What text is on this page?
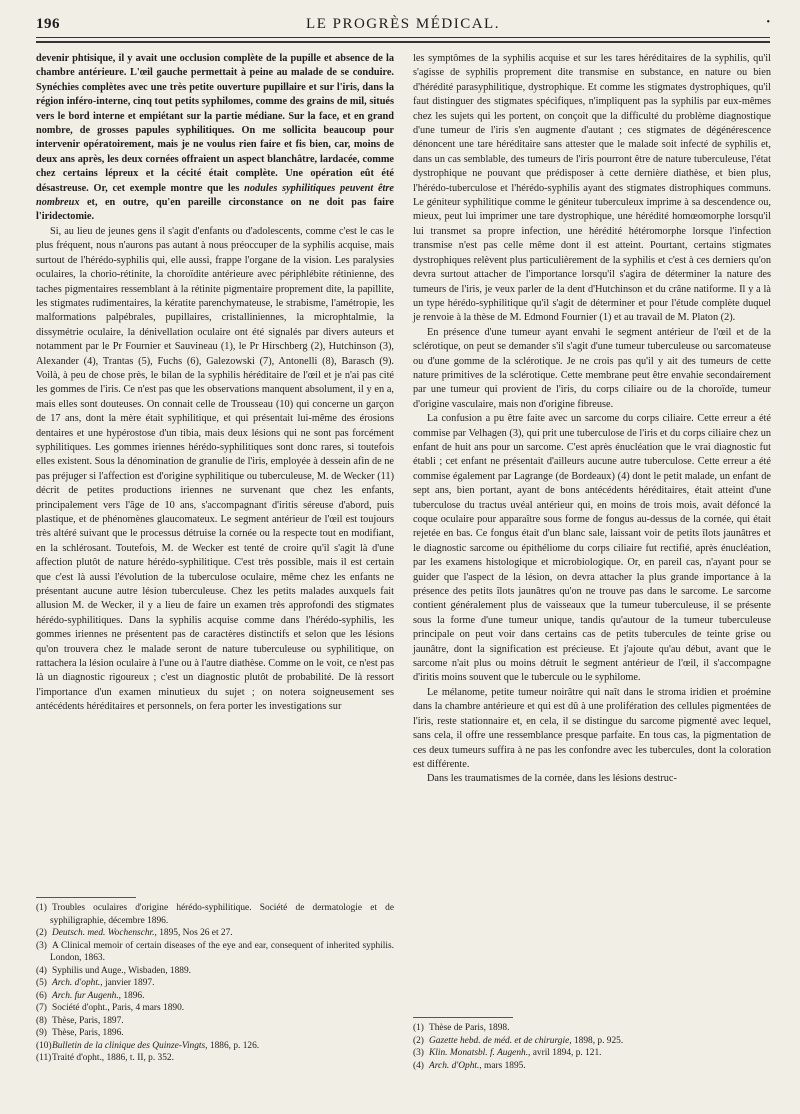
196	LE PROGRÈS MÉDICAL.	•

devenir phtisique, il y avait une occlusion complète de la pupille et absence de la chambre antérieure. L'œil gauche permettait à peine au malade de se conduire. Synéchies complètes avec une très petite ouverture pupillaire et sur l'iris, dans la région inféro-interne, cinq tout petits syphilomes, comme des grains de mil, situés vers le bord interne et empiétant sur la partie médiane. Sur la face, et en grand nombre, de grosses papules syphilitiques. On me sollicita beaucoup pour intervenir opératoirement, mais je ne voulus rien faire et fis bien, car, moins de deux ans après, les deux cornées offraient un aspect blanchâtre, lardacée, comme chez certains lépreux et la cécité était complète. Une opération eût été désastreuse. Or, cet exemple montre que les nodules syphilitiques peuvent être nombreux et, en outre, qu'en pareille circonstance on ne doit pas faire l'iridectomie.

Si, au lieu de jeunes gens il s'agit d'enfants ou d'adolescents, comme c'est le cas le plus fréquent, nous n'aurons pas autant à nous préoccuper de la syphilis acquise, mais surtout de l'hérédo-syphilis qui, elle aussi, frappe l'organe de la vision. Les paralysies oculaires, la chorio-rétinite, la choroïdite antérieure avec périphlébite rétinienne, des taches pigmentaires ressemblant à la rétinite pigmentaire proprement dite, la papillite, les stigmates rudimentaires, la kératite parenchymateuse, le strabisme, l'amétropie, les malformations palpébrales, pupillaires, cristalliniennes, la microphtalmie, la dissymétrie oculaire, la dénivellation oculaire ont été signalés par divers auteurs et notamment par le Pr Fournier et Sauvineau (1), le Pr Hirschberg (2), Hutchinson (3), Alexander (4), Trantas (5), Fuchs (6), Galezowski (7), Antonelli (8), Barasch (9). Voilà, à peu de chose près, le bilan de la syphilis héréditaire de l'œil et je n'ai pas cité les gommes de l'iris. Ce n'est pas que les observations manquent absolument, il y en a, mais elles sont douteuses. On connait celle de Trousseau (10) qui concerne un garçon de 17 ans, dont la mère était syphilitique, et qui présentait lui-même des érosions dentaires et une hypérostose d'un tibia, mais deux lésions qui ne sont pas forcément syphilitiques. Les gommes iriennes hérédo-syphilitiques sont donc rares, si toutefois elles existent. Sous la dénomination de granulie de l'iris, employée à dessein afin de ne pas préjuger si l'affection est d'origine syphilitique ou tuberculeuse, M. de Wecker (11) décrit de petites productions iriennes ne survenant que chez les enfants, principalement vers l'âge de 10 ans, s'accompagnant d'iritis séreuse d'abord, puis plastique, et de phénomènes glaucomateux. Le segment antérieur de l'œil est toujours très altéré suivant que le processus détruise la cornée ou la respecte tout en modifiant, en la schlérosant. Toutefois, M. de Wecker est tenté de croire qu'il s'agit là d'une affection plutôt de nature hérédo-syphilitique. C'est très possible, mais il est certain que c'est là aussi l'évolution de la tuberculose oculaire, même chez les enfants ne présentant aucune autre lésion tuberculeuse. Chez les petits malades auxquels fait allusion M. de Wecker, il y a lieu de faire un examen très approfondi des stigmates hérédo-syphilitiques. Dans la syphilis acquise comme dans l'hérédo-syphilis, les gommes iriennes ne présentent pas de caractères distinctifs et selon que les lésions qu'on trouvera chez le malade seront de nature tuberculeuse ou syphilitique, on rattachera la lésion oculaire à l'une ou à l'autre diathèse. Comme on le voit, ce n'est pas là un diagnostic rigoureux ; c'est un diagnostic plutôt de probabilité. De là ressort l'importance d'un examen minutieux du sujet ; on notera soigneusement ses antécédents héréditaires et personnels, on fera porter les investigations sur

(1) Troubles oculaires d'origine hérédo-syphilitique. Société de dermatologie et de syphiligraphie, décembre 1896.

(2) Deutsch. med. Wochenschr., 1895, Nos 26 et 27.

(3) A Clinical memoir of certain diseases of the eye and ear, consequent of inherited syphilis. London, 1863.

(4) Syphilis und Auge., Wisbaden, 1889.

(5) Arch. d'opht., janvier 1897.

(6) Arch. fur Augenh., 1896.

(7) Société d'opht., Paris, 4 mars 1890.

(8) Thèse, Paris, 1897.

(9) Thèse, Paris, 1896.

(10)Bulletin de la clinique des Quinze-Vingts, 1886, p. 126.

(11)Traité d'opht., 1886, t. II, p. 352.

les symptômes de la syphilis acquise et sur les tares héréditaires de la syphilis, qu'il s'agisse de syphilis proprement dite transmise en substance, en nature ou bien d'hérédité parasyphilitique, dystrophique. Et comme les stigmates dystrophiques, qu'il faut distinguer des stigmates spécifiques, n'impliquent pas la syphilis par eux-mêmes chez les sujets qui les portent, on conçoit que la difficulté du problème diagnostique d'une tumeur de l'iris s'en augmente d'autant ; ces stigmates de dégénérescence dénoncent une tare héréditaire sans attester que le malade soit infecté de syphilis et, dans un cas semblable, des tumeurs de l'iris pourront être de nature tuberculeuse, l'état dystrophique ne pouvant que prédisposer à cette dernière diathèse, et bien plus, l'hérédo-tuberculose et l'hérédo-syphilis ayant des stigmates distrophiques communs. Le géniteur syphilitique comme le géniteur tuberculeux imprime à sa descendence ou, mieux, peut lui imprimer une tare dystrophique, une hérédité homœomorphe lorsqu'il lui transmet sa propre infection, une hérédité hétéromorphe lorsque l'infection transmise n'est pas celle même dont il est atteint. Pourtant, certains stigmates dystrophiques relèvent plus particulièrement de la syphilis et c'est à ces derniers qu'on devra surtout attacher de l'importance lorsqu'il s'agira de déterminer la nature des tumeurs de l'iris, je veux parler de la dent d'Hutchinson et du crâne natiforme. Il y a là un type hérédo-syphilitique qu'il s'agit de déterminer et pour l'étude complète duquel je renvoie à la thèse de M. Edmond Fournier (1) et au travail de M. Platon (2).

En présence d'une tumeur ayant envahi le segment antérieur de l'œil et de la sclérotique, on peut se demander s'il s'agit d'une tumeur tuberculeuse ou sarcomateuse ou d'une gomme de la sclérotique. Je ne crois pas qu'il y ait des tumeurs de cette nature primitives de la sclérotique. Cette membrane peut être envahie secondairement par une tumeur qui provient de l'iris, du corps ciliaire ou de la choroïde, tumeur d'origine vasculaire, mais non d'origine fibreuse.

La confusion a pu être faite avec un sarcome du corps ciliaire. Cette erreur a été commise par Velhagen (3), qui prit une tuberculose de l'iris et du corps ciliaire chez un enfant de huit ans pour un sarcome. C'est après énucléation que le vrai diagnostic fut établi ; cet enfant ne présentait d'ailleurs aucune autre tuberculose. Cette erreur a été commise également par Lagrange (de Bordeaux) (4) dont le petit malade, un enfant de sept ans, bien portant, ayant de bons antécédents héréditaires, était atteint d'une tuberculose du tractus uvéal antérieur qui, en moins de trois mois, avait défoncé la coque oculaire pour apparaître sous forme de fongus au-dessus de la cornée, qui était rejetée en bas. Ce fongus était d'un blanc sale, laissant voir de petits îlots jaunâtres et le diagnostic sarcome ou épithéliome du corps ciliaire fut rectifié, après énucléation, par les examens histologique et microbiologique. Or, en pareil cas, n'ayant pour se guider que l'aspect de la lésion, on devra attacher la plus grande importance à la présence des petits îlots jaunâtres qu'on ne trouve pas dans le sarcome. Le sarcome contient généralement plus de vaisseaux que la tumeur tuberculeuse, il se présente sous la forme d'une tumeur unique, tandis qu'autour de la tumeur tuberculeuse principale on peut voir dans certains cas de petits tubercules de teinte grise ou jaunâtre, dont la signification est précieuse. Et j'ajoute qu'au début, avant que le sarcome n'ait plus ou moins détruit le segment antérieur de l'œil, il s'accompagne d'iritis moins souvent que le tubercule ou le syphilome.

Le mélanome, petite tumeur noirâtre qui naît dans le stroma iridien et proémine dans la chambre antérieure et qui est dû à une prolifération des cellules pigmentées de l'iris, reste stationnaire et, en cela, il se distingue du sarcome pigmenté avec lequel, sans cela, il offre une ressemblance presque parfaite. En tous cas, la pigmentation de ces deux tumeurs suffira à ne pas les confondre avec les tubercules, dont la coloration est différente.

Dans les traumatismes de la cornée, dans les lésions destruc-

(1) Thèse de Paris, 1898.

(2) Gazette hebd. de méd. et de chirurgie, 1898, p. 925.

(3) Klin. Monatsbl. f. Augenh., avril 1894, p. 121.

(4) Arch. d'Opht., mars 1895.
